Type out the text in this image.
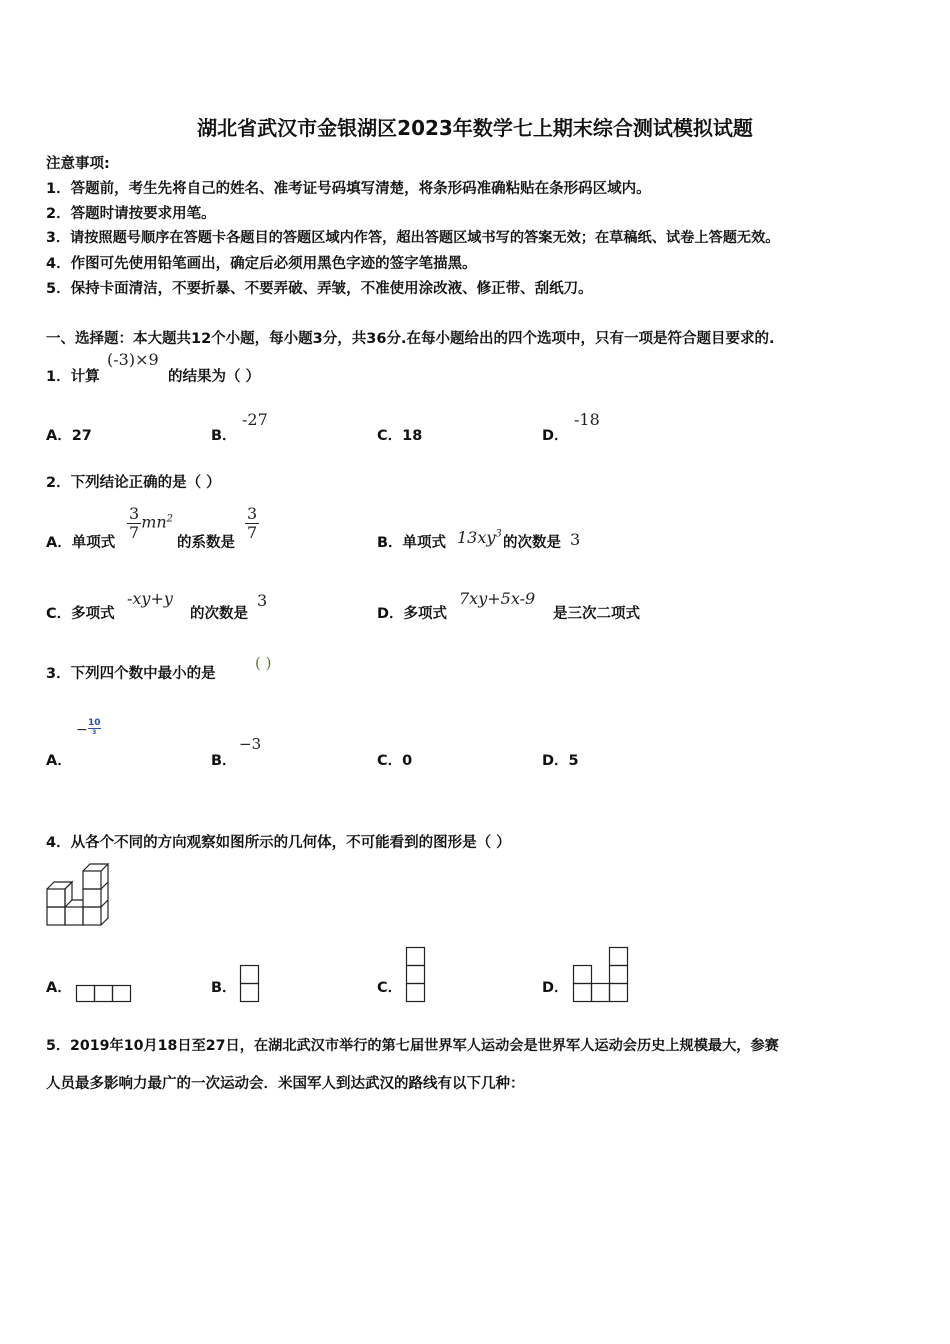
湖北省武汉市金银湖区2023年数学七上期末综合测试模拟试题
注意事项:
1．答题前，考生先将自己的姓名、准考证号码填写清楚，将条形码准确粘贴在条形码区域内。
2．答题时请按要求用笔。
3．请按照题号顺序在答题卡各题目的答题区域内作答，超出答题区域书写的答案无效；在草稿纸、试卷上答题无效。
4．作图可先使用铅笔画出，确定后必须用黑色字迹的签字笔描黑。
5．保持卡面清洁，不要折暴、不要弄破、弄皱，不准使用涂改液、修正带、刮纸刀。
一、选择题：本大题共12个小题，每小题3分，共36分.在每小题给出的四个选项中，只有一项是符合题目要求的.
1．计算
(-3)×9
的结果为（ ）
A．27	B．
-27
C．18	D．
-18
2．下列结论正确的是（ ）
A．单项式
$\frac{3}{7} mn^2$
的系数是
$\frac{3}{7}$
B．单项式 $13xy^3$
的次数是 3
C．多项式
-xy+y
的次数是
3
D．多项式
7xy+5x-9
是三次二项式
3．下列四个数中最小的是
( )
A．
− 10
3
B．
−3
C．0	D．5
4．从各个不同的方向观察如图所示的几何体，不可能看到的图形是（ ）
A．	B．	C．	D．
5．2019年10月18日至27日，在湖北武汉市举行的第七届世界军人运动会是世界军人运动会历史上规模最大，参赛
人员最多影响力最广的一次运动会．米国军人到达武汉的路线有以下几种：
